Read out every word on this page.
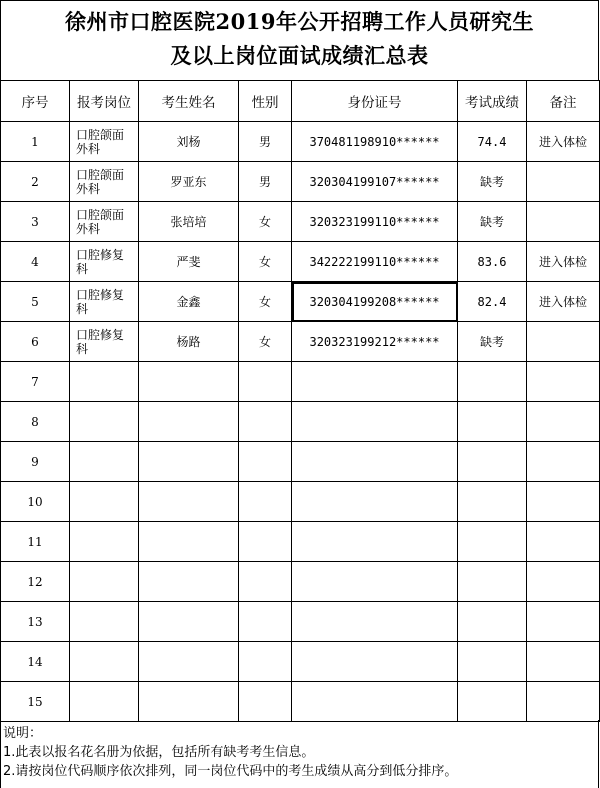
徐州市口腔医院2019年公开招聘工作人员研究生
及以上岗位面试成绩汇总表
序号	报考岗位	考生姓名	性别	身份证号	考试成绩	备注
1	口腔颌面
外科	刘杨	男	370481198910******	74.4	进入体检
2	口腔颌面
外科	罗亚东	男	320304199107******	缺考	
3	口腔颌面
外科	张培培	女	320323199110******	缺考	
4	口腔修复
科	严斐	女	342222199110******	83.6	进入体检
5	口腔修复
科	金鑫	女	320304199208******	82.4	进入体检
6	口腔修复
科	杨路	女	320323199212******	缺考	
7	

8	

9	

10	

11	

12	

13	

14	

15	

说明：
1.此表以报名花名册为依据，包括所有缺考考生信息。
2.请按岗位代码顺序依次排列，同一岗位代码中的考生成绩从高分到低分排序。
